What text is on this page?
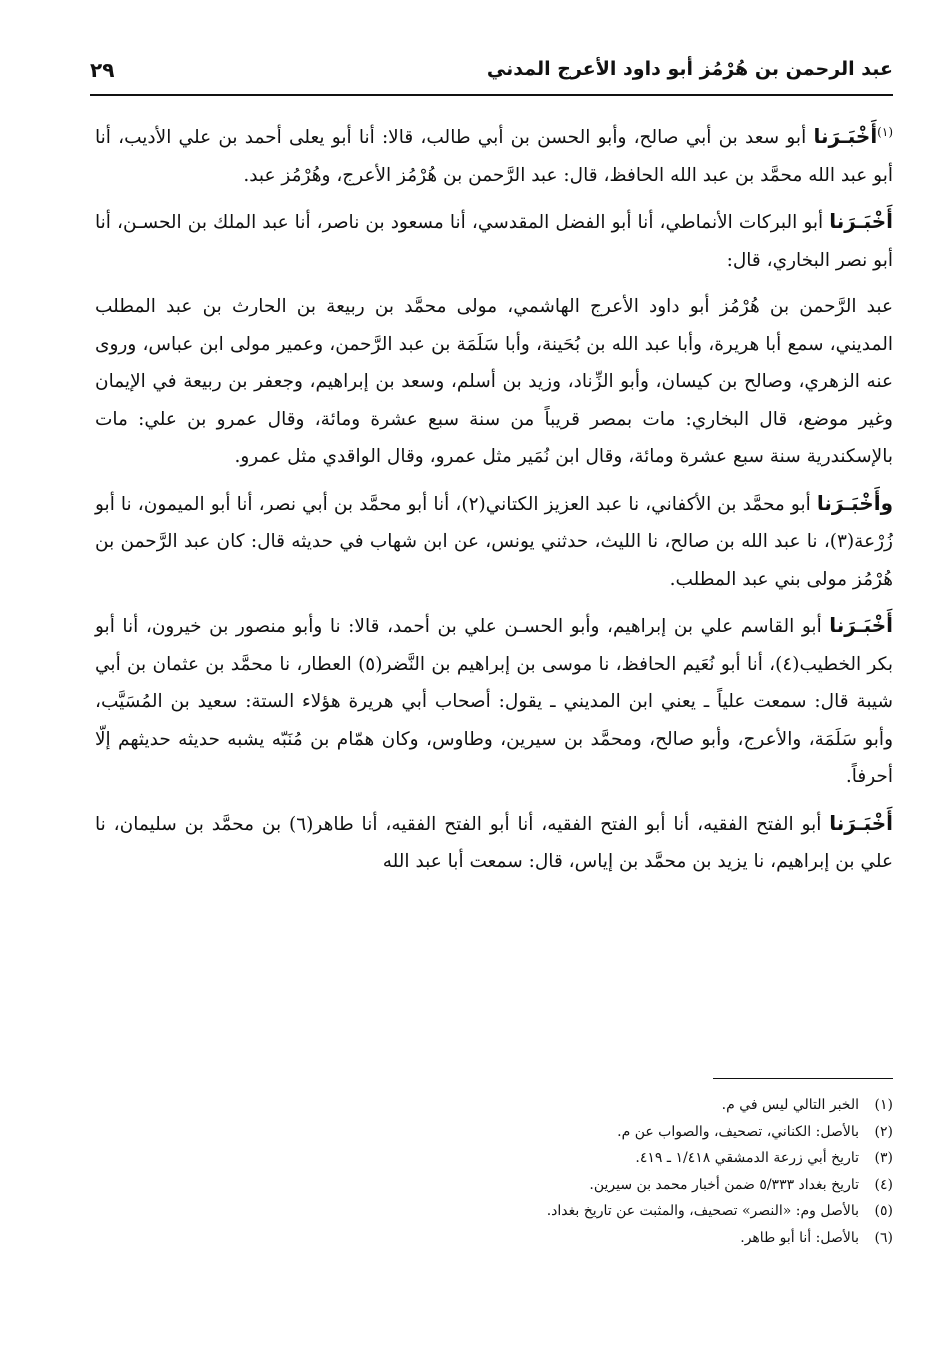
عبد الرحمن بن هُرْمُز أبو داود الأعرج المدني
٢٩

$^{(١)}$أَخْبَـرَنا أبو سعد بن أبي صالح، وأبو الحسن بن أبي طالب، قالا: أنا أبو يعلى أحمد بن علي الأديب، أنا أبو عبد الله محمَّد بن عبد الله الحافظ، قال: عبد الرَّحمن بن هُرْمُز الأعرج، وهُرْمُز عبد.

أَخْبَـرَنا أبو البركات الأنماطي، أنا أبو الفضل المقدسي، أنا مسعود بن ناصر، أنا عبد الملك بن الحسـن، أنا أبو نصر البخاري، قال:

عبد الرَّحمن بن هُرْمُز أبو داود الأعرج الهاشمي، مولى محمَّد بن ربيعة بن الحارث بن عبد المطلب المديني، سمع أبا هريرة، وأبا عبد الله بن بُحَينة، وأبا سَلَمَة بن عبد الرَّحمن، وعمير مولى ابن عباس، وروى عنه الزهري، وصالح بن كيسان، وأبو الزِّناد، وزيد بن أسلم، وسعد بن إبراهيم، وجعفر بن ربيعة في الإيمان وغير موضع، قال البخاري: مات بمصر قريباً من سنة سبع عشرة ومائة، وقال عمرو بن علي: مات بالإسكندرية سنة سبع عشرة ومائة، وقال ابن نُمَير مثل عمرو، وقال الواقدي مثل عمرو.

وأَخْبَـرَنا أبو محمَّد بن الأكفاني، نا عبد العزيز الكتاني(٢)، أنا أبو محمَّد بن أبي نصر، أنا أبو الميمون، نا أبو زُرْعة(٣)، نا عبد الله بن صالح، نا الليث، حدثني يونس، عن ابن شهاب في حديثه قال: كان عبد الرَّحمن بن هُرْمُز مولى بني عبد المطلب.

أَخْبَـرَنا أبو القاسم علي بن إبراهيم، وأبو الحسـن علي بن أحمد، قالا: نا وأبو منصور بن خيرون، أنا أبو بكر الخطيب(٤)، أنا أبو نُعَيم الحافظ، نا موسى بن إبراهيم بن النَّضر(٥) العطار، نا محمَّد بن عثمان بن أبي شيبة قال: سمعت علياً ـ يعني ابن المديني ـ يقول: أصحاب أبي هريرة هؤلاء الستة: سعيد بن المُسَيَّب، وأبو سَلَمَة، والأعرج، وأبو صالح، ومحمَّد بن سيرين، وطاوس، وكان همّام بن مُنَبّه يشبه حديثه حديثهم إلّا أحرفاً.

أَخْبَـرَنا أبو الفتح الفقيه، أنا أبو الفتح الفقيه، أنا أبو الفتح الفقيه، أنا طاهر(٦) بن محمَّد بن سليمان، نا علي بن إبراهيم، نا يزيد بن محمَّد بن إياس، قال: سمعت أبا عبد الله

(١)الخبر التالي ليس في م.

(٢)بالأصل: الكناني، تصحيف، والصواب عن م.

(٣)تاريخ أبي زرعة الدمشقي ١/٤١٨ ـ ٤١٩.

(٤)تاريخ بغداد ٥/٣٣٣ ضمن أخبار محمد بن سيرين.

(٥)بالأصل وم: «النصر» تصحيف، والمثبت عن تاريخ بغداد.

(٦)بالأصل: أنا أبو طاهر.
